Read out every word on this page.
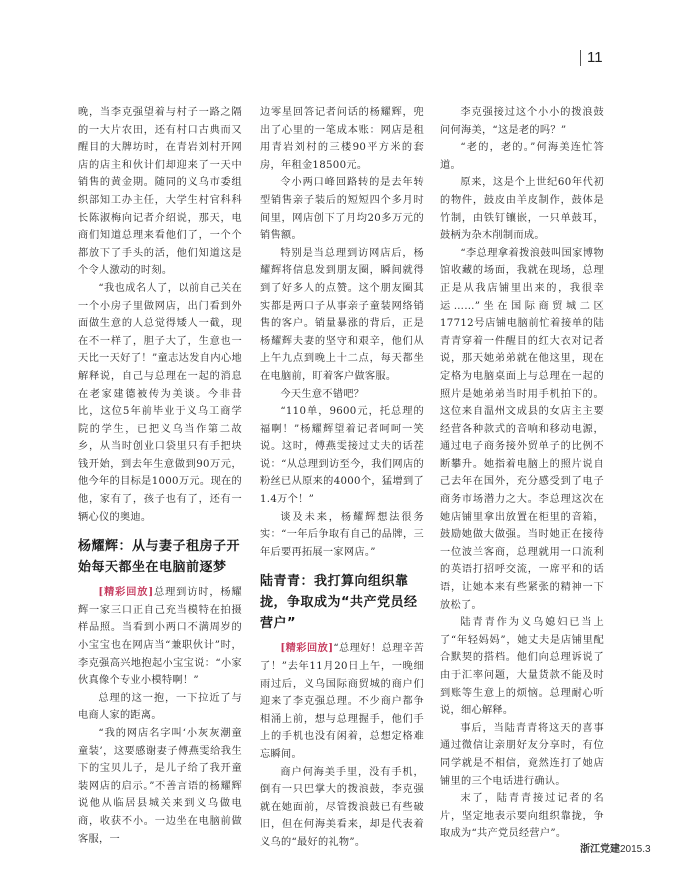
11

晚，当李克强望着与村子一路之隔的一大片农田，还有村口古典而又醒目的大牌坊时，在青岩刘村开网店的店主和伙计们却迎来了一天中销售的黄金期。随同的义乌市委组织部知工办主任，大学生村官科科长陈淑梅向记者介绍说，那天，电商们知道总理来看他们了，一个个都放下了手头的活，他们知道这是个令人激动的时刻。

“我也成名人了，以前自己关在一个小房子里做网店，出门看到外面做生意的人总觉得矮人一截，现在不一样了，胆子大了，生意也一天比一天好了！”童志达发自内心地解释说，自己与总理在一起的消息在老家建德被传为美谈。今非昔比，这位5年前毕业于义乌工商学院的学生，已把义乌当作第二故乡，从当时创业口袋里只有手把块钱开始，到去年生意做到90万元，他今年的目标是1000万元。现在的他，家有了，孩子也有了，还有一辆心仪的奥迪。

杨耀辉：从与妻子租房子开始每天都坐在电脑前逐梦

[精彩回放]总理到访时，杨耀辉一家三口正自己充当模特在拍摄样品照。当看到小两口不满周岁的小宝宝也在网店当“兼职伙计”时，李克强高兴地抱起小宝宝说：“小家伙真像个专业小模特啊！”

总理的这一抱，一下拉近了与电商人家的距离。

“我的网店名字叫‘小灰灰潮童童装’，这要感谢妻子傅燕雯给我生下的宝贝儿子，是儿子给了我开童装网店的启示。”不善言语的杨耀辉说他从临居县城关来到义乌做电商，收获不小。一边坐在电脑前做客服，一

边零星回答记者问话的杨耀辉，兜出了心里的一笔成本账：网店是租用青岩刘村的三楼90平方米的套房，年租金18500元。

令小两口峰回路转的是去年转型销售亲子装后的短短四个多月时间里，网店创下了月均20多万元的销售额。

特别是当总理到访网店后，杨耀辉将信息发到朋友圈，瞬间就得到了好多人的点赞。这个朋友圈其实都是两口子从事亲子童装网络销售的客户。销量暴涨的背后，正是杨耀辉夫妻的坚守和艰辛，他们从上午九点到晚上十二点，每天都坐在电脑前，盯着客户做客服。

今天生意不错吧？

“110单，9600元，托总理的福啊！”杨耀辉望着记者呵呵一笑说。这时，傅燕雯接过丈夫的话茬说：“从总理到访至今，我们网店的粉丝已从原来的4000个，猛增到了1.4万个！”

谈及未来，杨耀辉想法很务实：“一年后争取有自己的品牌，三年后要再拓展一家网店。”

陆青青：我打算向组织靠拢，争取成为“共产党员经营户”

[精彩回放]“总理好！总理辛苦了！”去年11月20日上午，一晚细雨过后，义乌国际商贸城的商户们迎来了李克强总理。不少商户都争相涌上前，想与总理握手，他们手上的手机也没有闲着，总想定格难忘瞬间。

商户何海美手里，没有手机，倒有一只巴掌大的拨浪鼓，李克强就在她面前，尽管拨浪鼓已有些破旧，但在何海美看来，却是代表着义乌的“最好的礼物”。

李克强接过这个小小的拨浪鼓问何海美，“这是老的吗？”

“老的，老的。”何海美连忙答道。

原来，这是个上世纪60年代初的物件，鼓皮由羊皮制作，鼓体是竹制，由铁钉镶嵌，一只单鼓耳，鼓柄为杂木削制而成。

“李总理拿着拨浪鼓叫国家博物馆收藏的场面，我就在现场，总理正是从我店铺里出来的，我很幸运……”坐在国际商贸城二区17712号店铺电脑前忙着接单的陆青青穿着一件醒目的红大衣对记者说，那天她弟弟就在他这里，现在定格为电脑桌面上与总理在一起的照片是她弟弟当时用手机拍下的。这位来自温州文成县的女店主主要经营各种款式的音响和移动电源，通过电子商务接外贸单子的比例不断攀升。她指着电脑上的照片说自己去年在国外，充分感受到了电子商务市场潜力之大。李总理这次在她店铺里拿出放置在柜里的音箱，鼓励她做大做强。当时她正在接待一位波兰客商，总理就用一口流利的英语打招呼交流，一席平和的话语，让她本来有些紧张的精神一下放松了。

陆青青作为义乌媳妇已当上了“年轻妈妈”，她丈夫是店铺里配合默契的搭档。他们向总理诉说了由于汇率问题，大量货款不能及时到账等生意上的烦恼。总理耐心听说，细心解释。

事后，当陆青青将这天的喜事通过微信让亲朋好友分享时，有位同学就是不相信，竟然连打了她店铺里的三个电话进行确认。

末了，陆青青接过记者的名片，坚定地表示要向组织靠拢，争取成为“共产党员经营户”。

浙江党建2015.3
